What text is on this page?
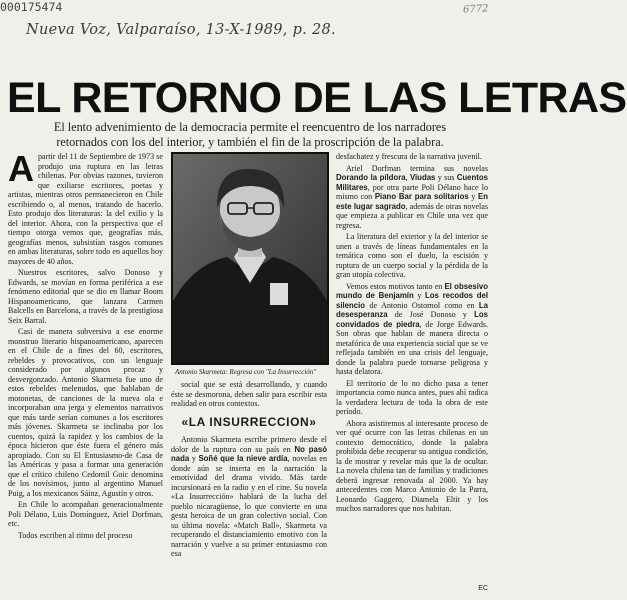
Nueva Voz, Valparaíso, 13-X-1989, p. 28.
6772
000175474
EL RETORNO DE LAS LETRAS

El lento advenimiento de la democracia permite el reencuentro de los narradores retornados con los del interior, y también el fin de la proscripción de la palabra.

Apartir del 11 de Septiembre de 1973 se produjo una ruptura en las letras chilenas. Por obvias razones, tuvieron que exiliarse escritores, poetas y artistas, mientras otros permanecieron en Chile escribiendo o, al menos, tratando de hacerlo. Esto produjo dos literaturas: la del exilio y la del interior. Ahora, con la perspectiva que el tiempo otorga vemos que, geografías más, geografías menos, subsistían rasgos comunes en ambas literaturas, sobre todo en aquellos hoy mayores de 40 años.

Nuestros escritores, salvo Donoso y Edwards, se movían en forma periférica a ese fenómeno editorial que se dio en llamar Boom Hispanoamericano, que lanzara Carmen Balcells en Barcelona, a través de la prestigiosa Seix Barral.

Casi de manera subversiva a ese enorme monstruo literario hispanoamericano, aparecen en el Chile de a fines del 60, escritores, rebeldes y provocativos, con un lenguaje considerado por algunos procaz y desvergonzado. Antonio Skarmeta fue uno de estos rebeldes melenudos, que hablaban de motonetas, de canciones de la nueva ola e incorporaban una jerga y elementos narrativos que más tarde serían comunes a los escritores más jóvenes. Skarmeta se inclinaba por los cuentos, quizá la rapidez y los cambios de la época hicieron que éste fuera el género más apropiado. Con su El Entusiasmo-de Casa de las Américas y pasa a formar una generación que el crítico chileno Cedomil Goic denomina de los novísimos, junto al argentino Manuel Puig, a los mexicanos Sáinz, Agustín y otros.

En Chile lo acompañan generacionalmente Poli Délano, Luis Domínguez, Ariel Dorfman, etc.

Todos escriben al ritmo del proceso

Antonio Skarmeta: Regresa con "La Insurrección"

social que se está desarrollando, y cuando éste se desmorona, deben salir para escribir esta realidad en otros contextos.

«LA INSURRECCION»

Antonio Skarmeta escribe primero desde el dolor de la ruptura con su país en No pasó nada y Soñé que la nieve ardía, novelas en donde aún se inserta en la narración la emotividad del drama vivido. Más tarde incursionará en la radio y en el cine. Su novela «La Insurrección» hablará de la lucha del pueblo nicaragüense, lo que convierte en una gesta heroica de un gran colectivo social. Con su última novela: «Match Ball», Skarmeta va recuperando el distanciamiento emotivo con la narración y vuelve a su primer entusiasmo con esa

desfachatez y frescura de la narrativa juvenil.

Ariel Dorfman termina sus novelas Dorando la píldora, Viudas y sus Cuentos Militares, por otra parte Poli Délano hace lo mismo con Piano Bar para solitarios y En este lugar sagrado, además de otras novelas que empieza a publicar en Chile una vez que regresa.

La literatura del exterior y la del interior se unen a través de líneas fundamentales en la temática como son el duelo, la escisión y ruptura de un cuerpo social y la pérdida de la gran utopía colectiva.

Vemos estos motivos tanto en El obsesivo mundo de Benjamín y Los recodos del silencio de Antonio Ostornol como en La desesperanza de José Donoso y Los convidados de piedra, de Jorge Edwards. Son obras que hablan de manera directa o metafórica de una experiencia social que se ve reflejada también en una crisis del lenguaje, donde la palabra puede tornarse peligrosa y hasta delatora.

El territorio de lo no dicho pasa a tener importancia como nunca antes, pues ahí radica la verdadera lectura de toda la obra de este período.

Ahora asistiremos al interesante proceso de ver qué ocurre con las letras chilenas en un contexto democrático, donde la palabra prohibida debe recuperar su antigua condición, la de mostrar y revelar más que la de ocultar. La novela chilena tan de familias y tradiciones deberá ingresar renovada al 2000. Ya hay antecedentes con Marco Antonio de la Parra, Leonardo Gaggero, Diamela Eltit y los muchos narradores que nos habitan.

EC
